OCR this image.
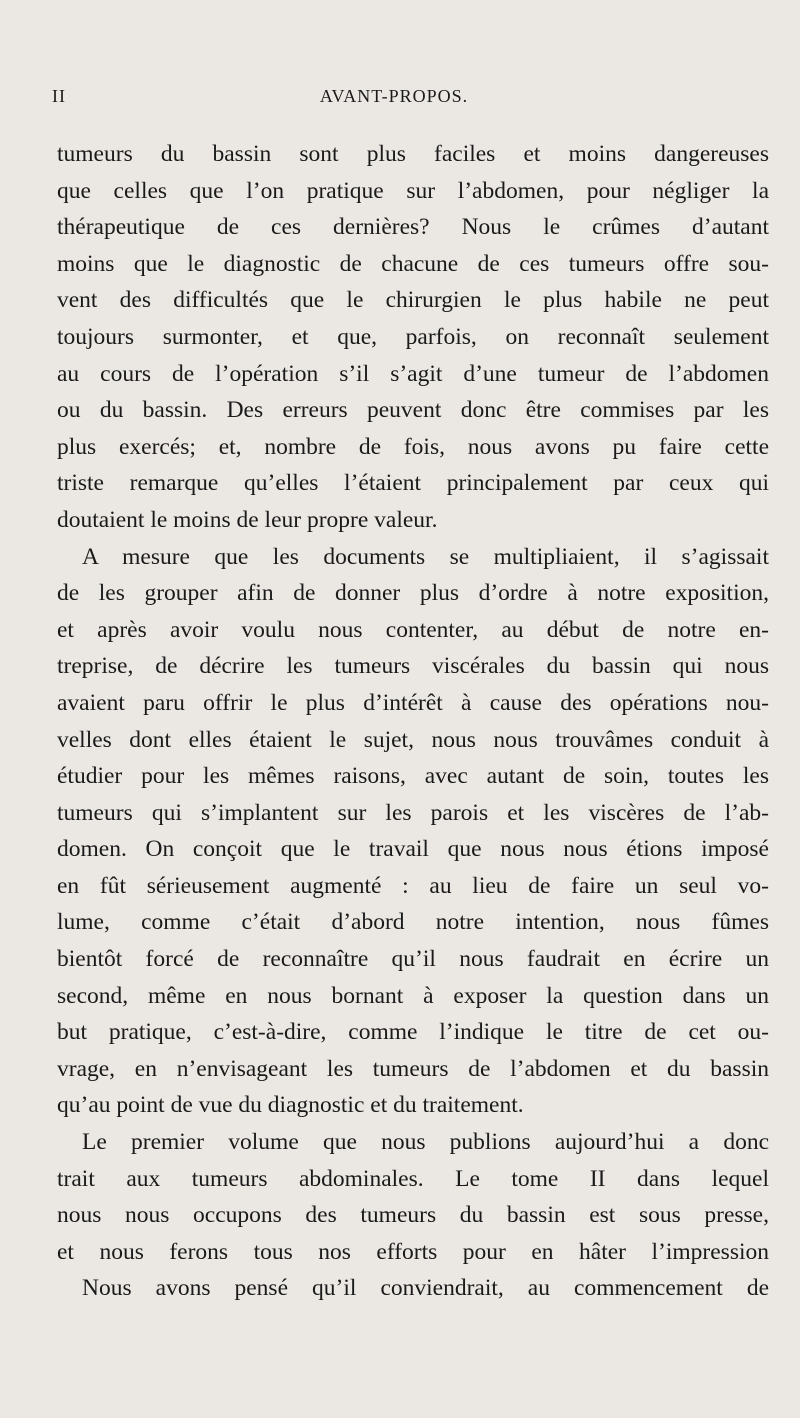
II	AVANT-PROPOS.
tumeurs du bassin sont plus faciles et moins dangereuses
que celles que l’on pratique sur l’abdomen, pour négliger la
thérapeutique de ces dernières? Nous le crûmes d’autant
moins que le diagnostic de chacune de ces tumeurs offre sou-
vent des difficultés que le chirurgien le plus habile ne peut
toujours surmonter, et que, parfois, on reconnaît seulement
au cours de l’opération s’il s’agit d’une tumeur de l’abdomen
ou du bassin. Des erreurs peuvent donc être commises par les
plus exercés; et, nombre de fois, nous avons pu faire cette
triste remarque qu’elles l’étaient principalement par ceux qui
doutaient le moins de leur propre valeur.
A mesure que les documents se multipliaient, il s’agissait
de les grouper afin de donner plus d’ordre à notre exposition,
et après avoir voulu nous contenter, au début de notre en-
treprise, de décrire les tumeurs viscérales du bassin qui nous
avaient paru offrir le plus d’intérêt à cause des opérations nou-
velles dont elles étaient le sujet, nous nous trouvâmes conduit à
étudier pour les mêmes raisons, avec autant de soin, toutes les
tumeurs qui s’implantent sur les parois et les viscères de l’ab-
domen. On conçoit que le travail que nous nous étions imposé
en fût sérieusement augmenté : au lieu de faire un seul vo-
lume, comme c’était d’abord notre intention, nous fûmes
bientôt forcé de reconnaître qu’il nous faudrait en écrire un
second, même en nous bornant à exposer la question dans un
but pratique, c’est-à-dire, comme l’indique le titre de cet ou-
vrage, en n’envisageant les tumeurs de l’abdomen et du bassin
qu’au point de vue du diagnostic et du traitement.
Le premier volume que nous publions aujourd’hui a donc
trait aux tumeurs abdominales. Le tome II dans lequel
nous nous occupons des tumeurs du bassin est sous presse,
et nous ferons tous nos efforts pour en hâter l’impression
Nous avons pensé qu’il conviendrait, au commencement de
